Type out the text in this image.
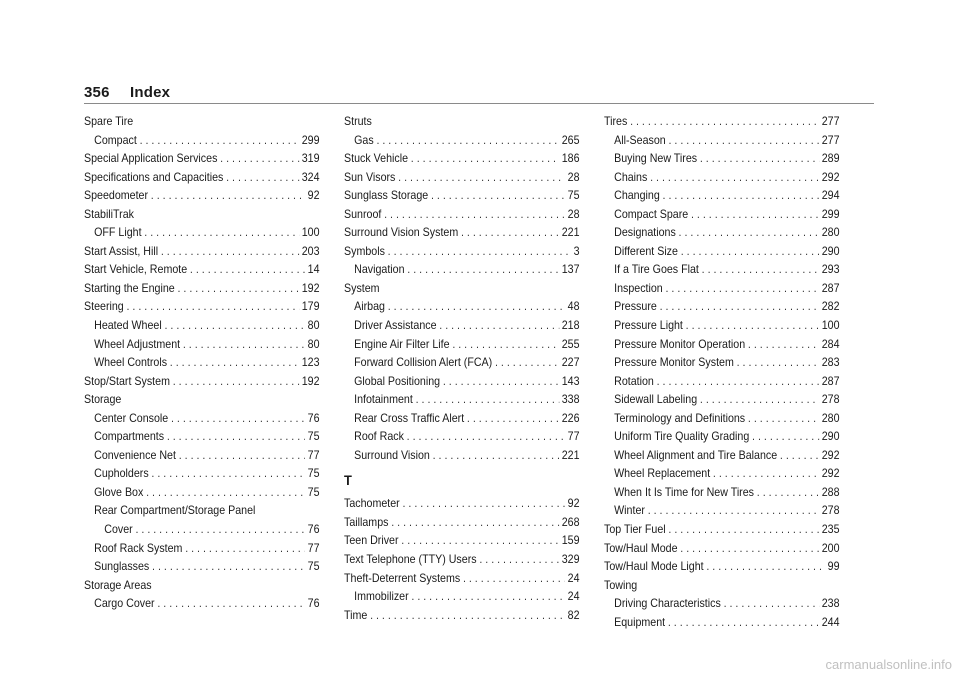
356 Index
Spare Tire
Compact . . .	299
Special Application Services . . .	319
Specifications and Capacities . . .	324
Speedometer . . .	92
StabiliTrak
OFF Light . . .	100
Start Assist, Hill . . .	203
Start Vehicle, Remote . . .	14
Starting the Engine . . .	192
Steering . . .	179
Heated Wheel . . .	80
Wheel Adjustment . . .	80
Wheel Controls . . .	123
Stop/Start System . . .	192
Storage
Center Console . . .	76
Compartments . . .	75
Convenience Net . . .	77
Cupholders . . .	75
Glove Box . . .	75
Rear Compartment/Storage Panel
Cover . . .	76
Roof Rack System . . .	77
Sunglasses . . .	75
Storage Areas
Cargo Cover . . .	76
Struts
Gas . . .	265
Stuck Vehicle . . .	186
Sun Visors . . .	28
Sunglass Storage . . .	75
Sunroof . . .	28
Surround Vision System . . .	221
Symbols . . .	3
Navigation . . .	137
System
Airbag . . .	48
Driver Assistance . . .	218
Engine Air Filter Life . . .	255
Forward Collision Alert (FCA) . . .	227
Global Positioning . . .	143
Infotainment . . .	338
Rear Cross Traffic Alert . . .	226
Roof Rack . . .	77
Surround Vision . . .	221
T
Tachometer . . .	92
Taillamps . . .	268
Teen Driver . . .	159
Text Telephone (TTY) Users . . .	329
Theft-Deterrent Systems . . .	24
Immobilizer . . .	24
Time . . .	82
Tires . . .	277
All-Season . . .	277
Buying New Tires . . .	289
Chains . . .	292
Changing . . .	294
Compact Spare . . .	299
Designations . . .	280
Different Size . . .	290
If a Tire Goes Flat . . .	293
Inspection . . .	287
Pressure . . .	282
Pressure Light . . .	100
Pressure Monitor Operation . . .	284
Pressure Monitor System . . .	283
Rotation . . .	287
Sidewall Labeling . . .	278
Terminology and Definitions . . .	280
Uniform Tire Quality Grading . . .	290
Wheel Alignment and Tire Balance . . .	292
Wheel Replacement . . .	292
When It Is Time for New Tires . . .	288
Winter . . .	278
Top Tier Fuel . . .	235
Tow/Haul Mode . . .	200
Tow/Haul Mode Light . . .	99
Towing
Driving Characteristics . . .	238
Equipment . . .	244
carmanualsonline.info
